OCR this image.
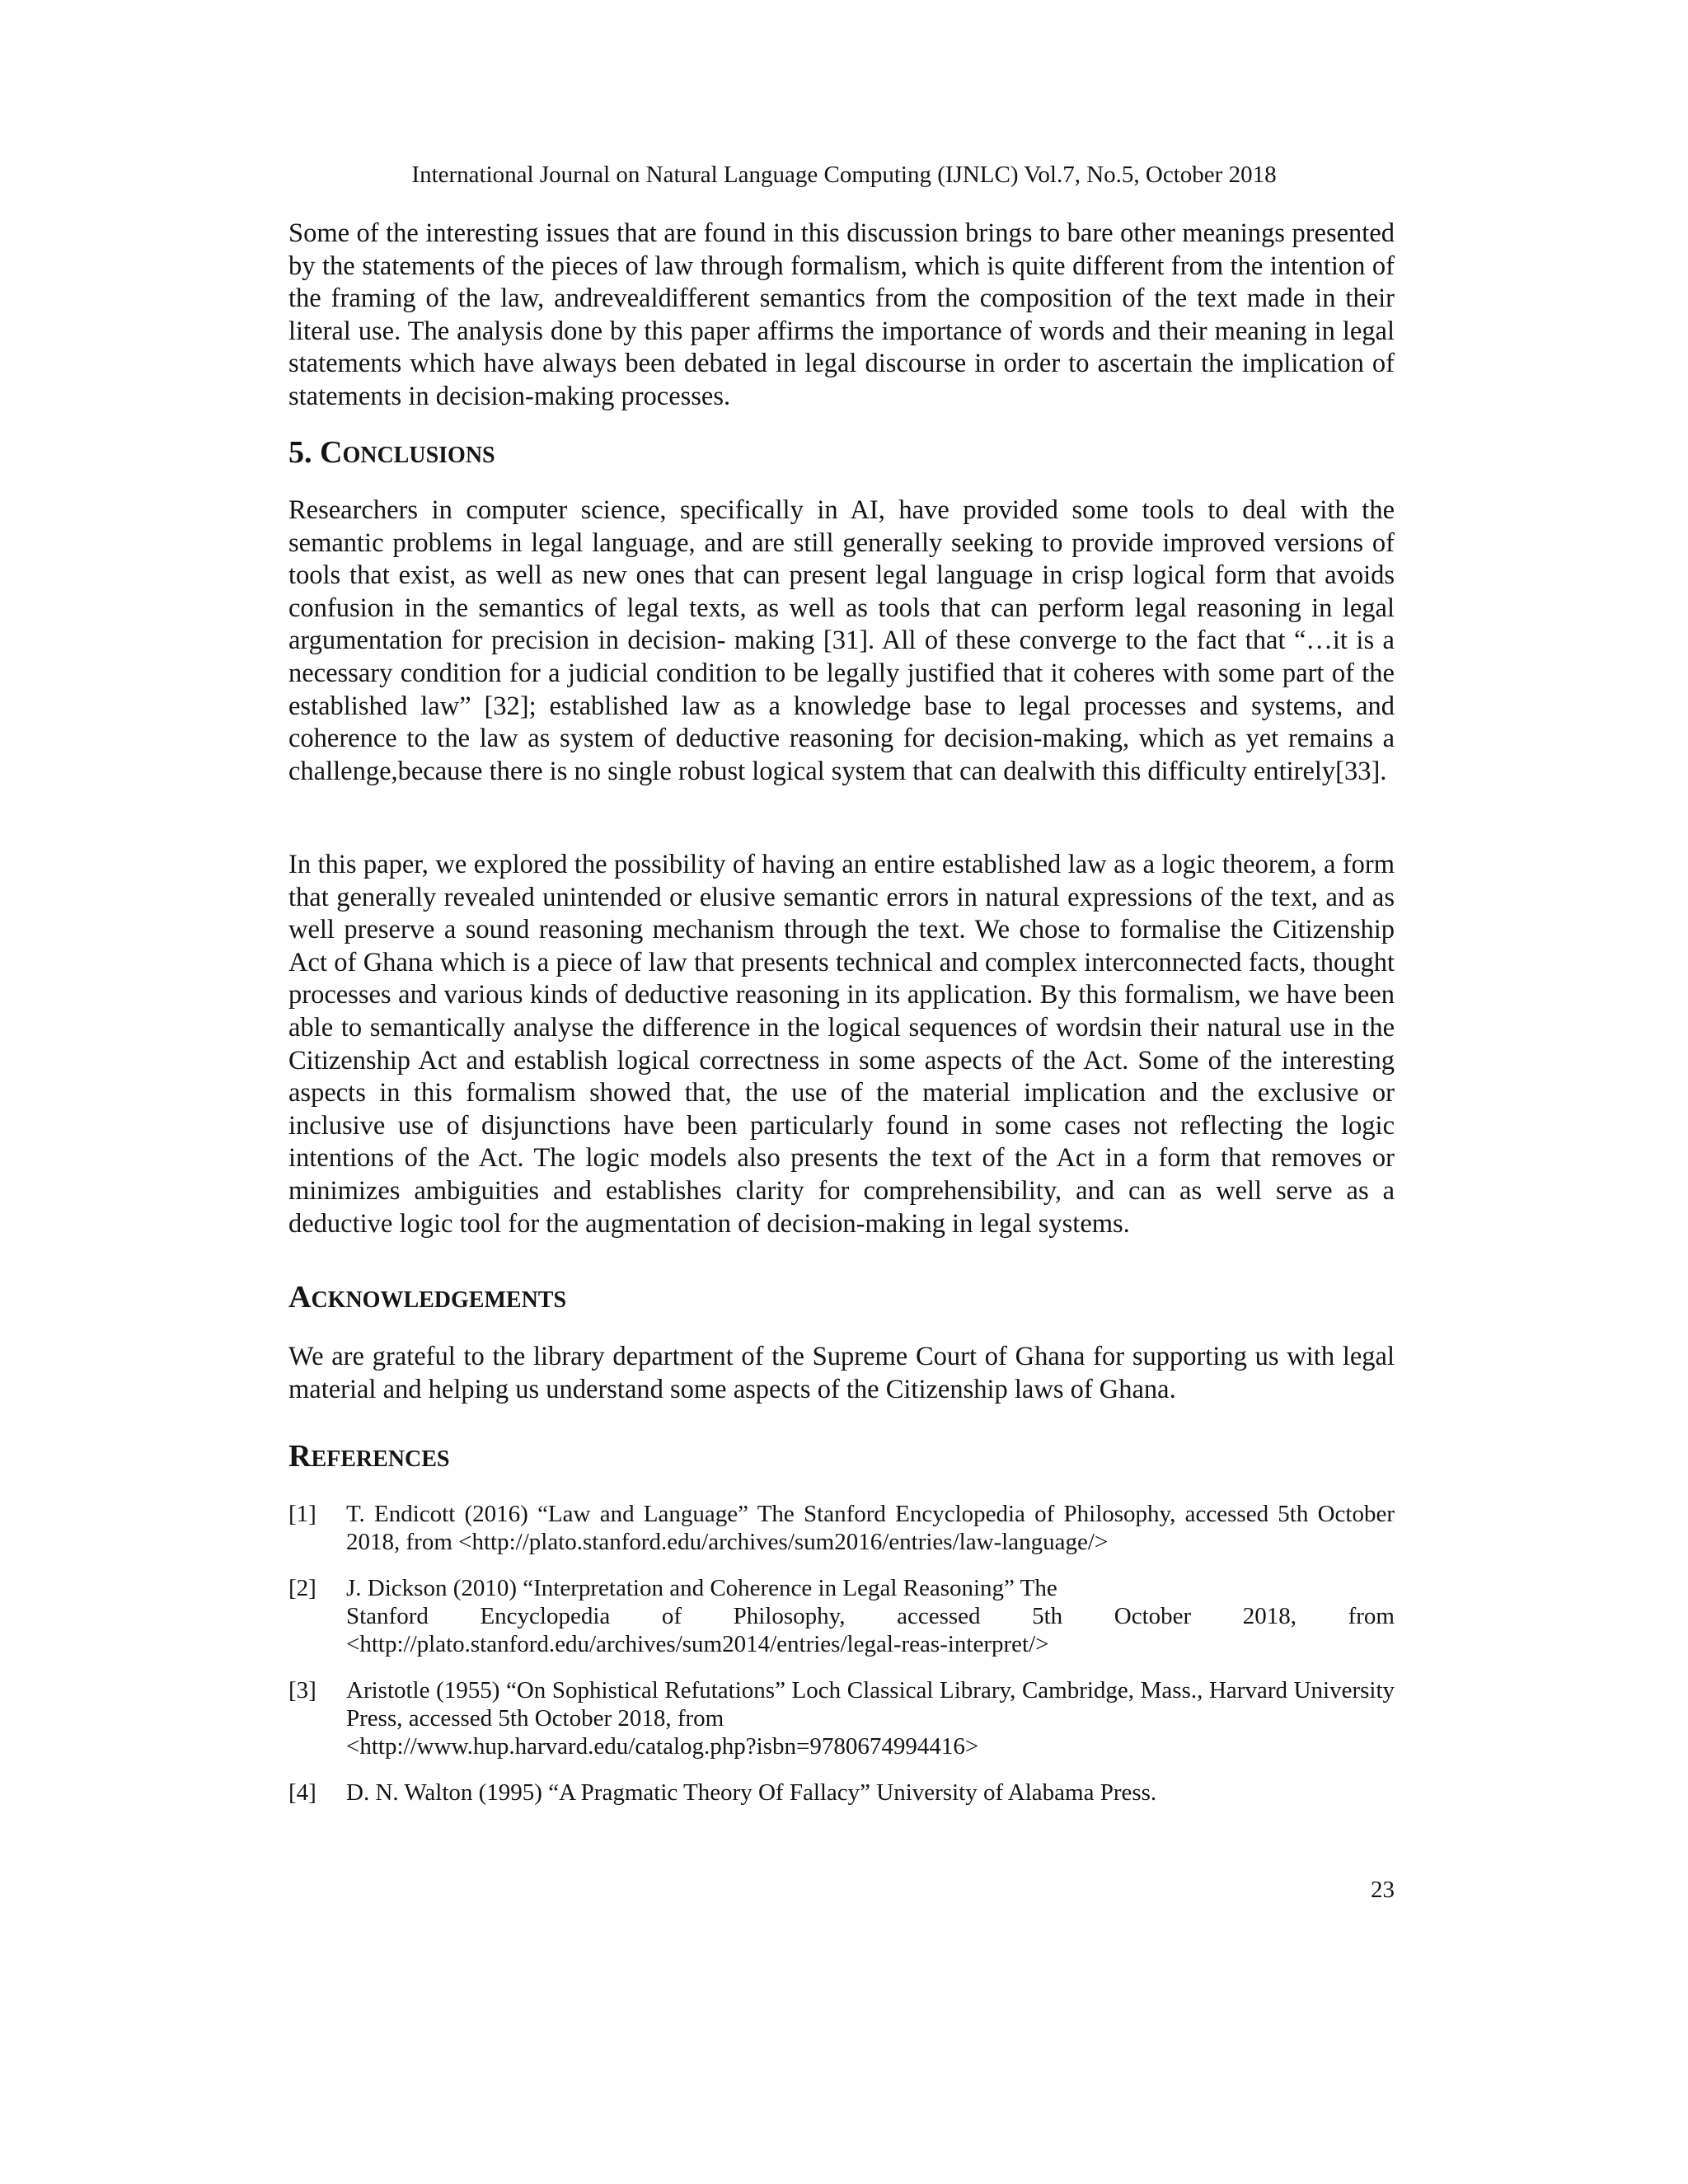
International Journal on Natural Language Computing (IJNLC) Vol.7, No.5, October 2018

Some of the interesting issues that are found in this discussion brings to bare other meanings presented by the statements of the pieces of law through formalism, which is quite different from the intention of the framing of the law, andrevealdifferent semantics from the composition of the text made in their literal use. The analysis done by this paper affirms the importance of words and their meaning in legal statements which have always been debated in legal discourse in order to ascertain the implication of statements in decision-making processes.

5. CONCLUSIONS

Researchers in computer science, specifically in AI, have provided some tools to deal with the semantic problems in legal language, and are still generally seeking to provide improved versions of tools that exist, as well as new ones that can present legal language in crisp logical form that avoids confusion in the semantics of legal texts, as well as tools that can perform legal reasoning in legal argumentation for precision in decision- making [31]. All of these converge to the fact that “…it is a necessary condition for a judicial condition to be legally justified that it coheres with some part of the established law” [32]; established law as a knowledge base to legal processes and systems, and coherence to the law as system of deductive reasoning for decision-making, which as yet remains a challenge,because there is no single robust logical system that can dealwith this difficulty entirely[33].

In this paper, we explored the possibility of having an entire established law as a logic theorem, a form that generally revealed unintended or elusive semantic errors in natural expressions of the text, and as well preserve a sound reasoning mechanism through the text. We chose to formalise the Citizenship Act of Ghana which is a piece of law that presents technical and complex interconnected facts, thought processes and various kinds of deductive reasoning in its application. By this formalism, we have been able to semantically analyse the difference in the logical sequences of wordsin their natural use in the Citizenship Act and establish logical correctness in some aspects of the Act. Some of the interesting aspects in this formalism showed that, the use of the material implication and the exclusive or inclusive use of disjunctions have been particularly found in some cases not reflecting the logic intentions of the Act. The logic models also presents the text of the Act in a form that removes or minimizes ambiguities and establishes clarity for comprehensibility, and can as well serve as a deductive logic tool for the augmentation of decision-making in legal systems.

ACKNOWLEDGEMENTS

We are grateful to the library department of the Supreme Court of Ghana for supporting us with legal material and helping us understand some aspects of the Citizenship laws of Ghana.

REFERENCES
[1] T. Endicott (2016) “Law and Language” The Stanford Encyclopedia of Philosophy, accessed 5th October 2018, from <http://plato.stanford.edu/archives/sum2016/entries/law-language/>
[2] J. Dickson (2010) “Interpretation and Coherence in Legal Reasoning” The
Stanford Encyclopedia of Philosophy, accessed 5th October 2018, from
<http://plato.stanford.edu/archives/sum2014/entries/legal-reas-interpret/>
[3] Aristotle (1955) “On Sophistical Refutations” Loch Classical Library, Cambridge, Mass., Harvard University Press, accessed 5th October 2018, from
<http://www.hup.harvard.edu/catalog.php?isbn=9780674994416>
[4] D. N. Walton (1995) “A Pragmatic Theory Of Fallacy” University of Alabama Press.
23
